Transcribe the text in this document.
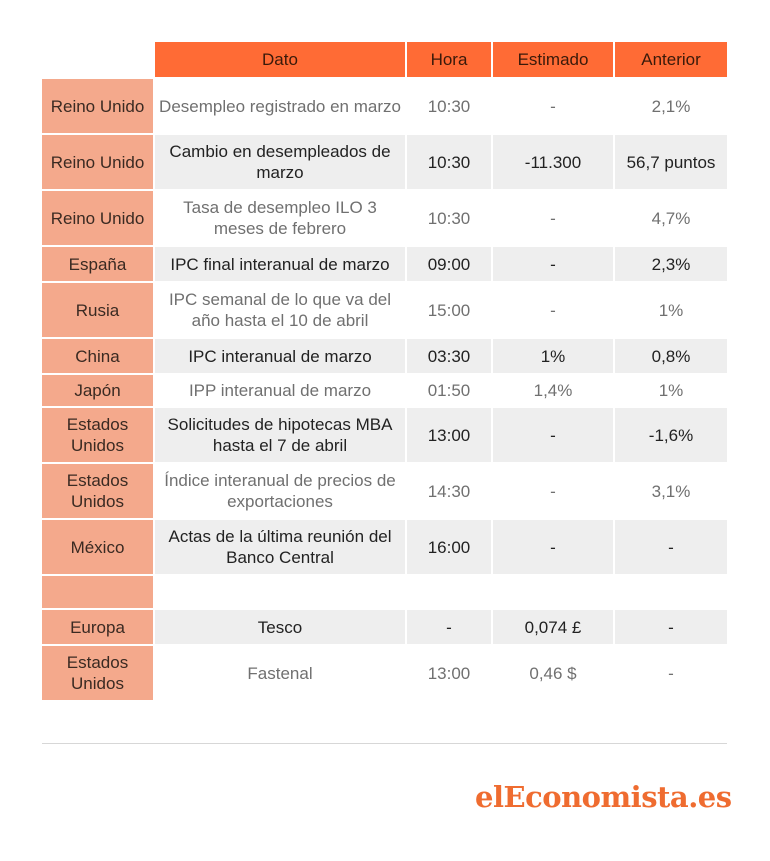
	Dato	Hora	Estimado	Anterior
Reino Unido	Desempleo registrado en marzo	10:30	-	2,1%
Reino Unido	Cambio en desempleados de marzo	10:30	-11.300	56,7 puntos
Reino Unido	Tasa de desempleo ILO 3 meses de febrero	10:30	-	4,7%
España	IPC final interanual de marzo	09:00	-	2,3%
Rusia	IPC semanal de lo que va del año hasta el 10 de abril	15:00	-	1%
China	IPC interanual de marzo	03:30	1%	0,8%
Japón	IPP interanual de marzo	01:50	1,4%	1%
Estados Unidos	Solicitudes de hipotecas MBA hasta el 7 de abril	13:00	-	-1,6%
Estados Unidos	Índice interanual de precios de exportaciones	14:30	-	3,1%
México	Actas de la última reunión del Banco Central	16:00	-	-

Europa	Tesco	-	0,074 £	-
Estados Unidos	Fastenal	13:00	0,46 $	-
elEconomista.es
